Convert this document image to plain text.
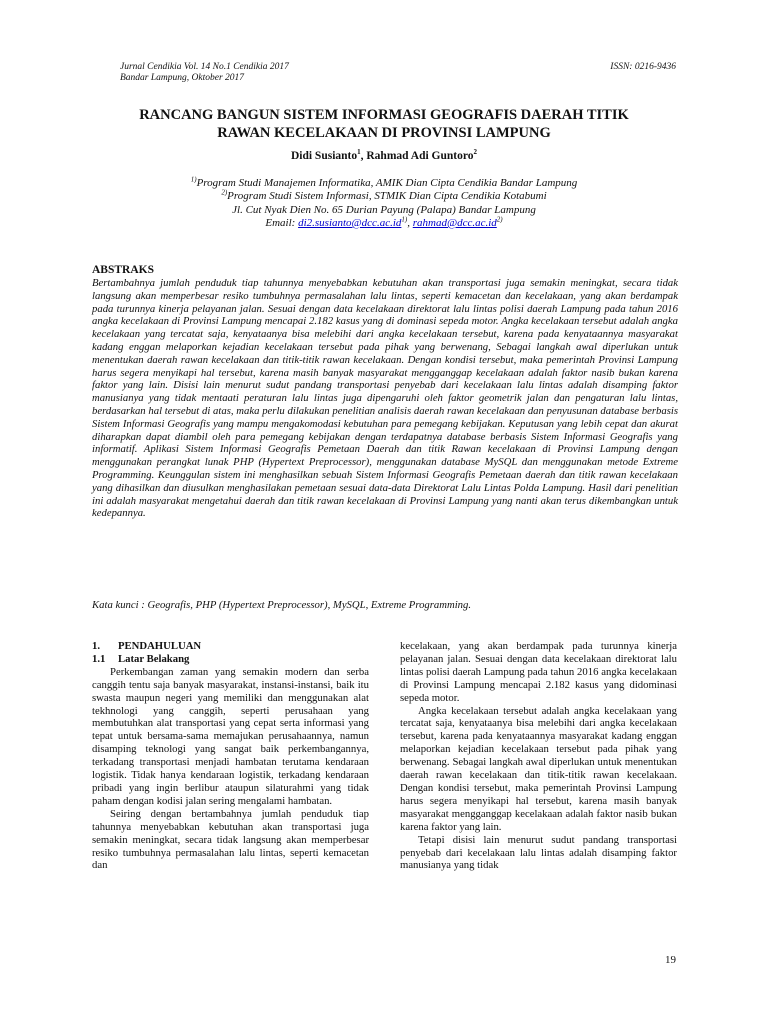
Jurnal Cendikia Vol. 14 No.1 Cendikia 2017
Bandar Lampung, Oktober 2017
ISSN: 0216-9436
RANCANG BANGUN SISTEM INFORMASI GEOGRAFIS DAERAH TITIK
RAWAN KECELAKAAN DI PROVINSI LAMPUNG
Didi Susianto$^1$, Rahmad Adi Guntoro$^2$
$^{1)}$Program Studi Manajemen Informatika, AMIK Dian Cipta Cendikia Bandar Lampung
$^{2)}$Program Studi Sistem Informasi, STMIK Dian Cipta Cendikia Kotabumi
Jl. Cut Nyak Dien No. 65 Durian Payung (Palapa) Bandar Lampung
Email: $di2.susianto@dcc.ac.id^{1)}$, $rahmad@dcc.ac.id^{2)}$
ABSTRAKS
Bertambahnya jumlah penduduk tiap tahunnya menyebabkan kebutuhan akan transportasi juga semakin meningkat, secara tidak langsung akan memperbesar resiko tumbuhnya permasalahan lalu lintas, seperti kemacetan dan kecelakaan, yang akan berdampak pada turunnya kinerja pelayanan jalan. Sesuai dengan data kecelakaan direktorat lalu lintas polisi daerah Lampung pada tahun 2016 angka kecelakaan di Provinsi Lampung mencapai 2.182 kasus yang di dominasi sepeda motor. Angka kecelakaan tersebut adalah angka kecelakaan yang tercatat saja, kenyataanya bisa melebihi dari angka kecelakaan tersebut, karena pada kenyataannya masyarakat kadang enggan melaporkan kejadian kecelakaan tersebut pada pihak yang berwenang, Sebagai langkah awal diperlukan untuk menentukan daerah rawan kecelakaan dan titik-titik rawan kecelakaan. Dengan kondisi tersebut, maka pemerintah Provinsi Lampung harus segera menyikapi hal tersebut, karena masih banyak masyarakat mengganggap kecelakaan adalah faktor nasib bukan karena faktor yang lain. Disisi lain menurut sudut pandang transportasi penyebab dari kecelakaan lalu lintas adalah disamping faktor manusianya yang tidak mentaati peraturan lalu lintas juga dipengaruhi oleh faktor geometrik jalan dan pengaturan lalu lintas, berdasarkan hal tersebut di atas, maka perlu dilakukan penelitian analisis daerah rawan kecelakaan dan penyusunan database berbasis Sistem Informasi Geografis yang mampu mengakomodasi kebutuhan para pemegang kebijakan. Keputusan yang lebih cepat dan akurat diharapkan dapat diambil oleh para pemegang kebijakan dengan terdapatnya database berbasis Sistem Informasi Geografis yang informatif. Aplikasi Sistem Informasi Geografis Pemetaan Daerah dan titik Rawan kecelakaan di Provinsi Lampung dengan menggunakan perangkat lunak PHP (Hypertext Preprocessor), menggunakan database MySQL dan menggunakan metode Extreme Programming. Keunggulan sistem ini menghasilkan sebuah Sistem Informasi Geografis Pemetaan daerah dan titik rawan kecelakaan yang dihasilkan dan diusulkan menghasilakan pemetaan sesuai data-data Direktorat Lalu Lintas Polda Lampung. Hasil dari penelitian ini adalah masyarakat mengetahui daerah dan titik rawan kecelakaan di Provinsi Lampung yang nanti akan terus dikembangkan untuk kedepannya.
Kata kunci : Geografis, PHP (Hypertext Preprocessor), MySQL, Extreme Programming.

1. PENDAHULUAN

1.1 Latar Belakang

Perkembangan zaman yang semakin modern dan serba canggih tentu saja banyak masyarakat, instansi-instansi, baik itu swasta maupun negeri yang memiliki dan menggunakan alat tekhnologi yang canggih, seperti perusahaan yang membutuhkan alat transportasi yang cepat serta informasi yang tepat untuk bersama-sama memajukan perusahaannya, namun disamping teknologi yang sangat baik perkembangannya, terkadang transportasi menjadi hambatan terutama kendaraan logistik. Tidak hanya kendaraan logistik, terkadang kendaraan pribadi yang ingin berlibur ataupun silaturahmi yang tidak paham dengan kodisi jalan sering mengalami hambatan.

Seiring dengan bertambahnya jumlah penduduk tiap tahunnya menyebabkan kebutuhan akan transportasi juga semakin meningkat, secara tidak langsung akan memperbesar resiko tumbuhnya permasalahan lalu lintas, seperti kemacetan dan

kecelakaan, yang akan berdampak pada turunnya kinerja pelayanan jalan. Sesuai dengan data kecelakaan direktorat lalu lintas polisi daerah Lampung pada tahun 2016 angka kecelakaan di Provinsi Lampung mencapai 2.182 kasus yang didominasi sepeda motor.

Angka kecelakaan tersebut adalah angka kecelakaan yang tercatat saja, kenyataanya bisa melebihi dari angka kecelakaan tersebut, karena pada kenyataannya masyarakat kadang enggan melaporkan kejadian kecelakaan tersebut pada pihak yang berwenang. Sebagai langkah awal diperlukan untuk menentukan daerah rawan kecelakaan dan titik-titik rawan kecelakaan. Dengan kondisi tersebut, maka pemerintah Provinsi Lampung harus segera menyikapi hal tersebut, karena masih banyak masyarakat mengganggap kecelakaan adalah faktor nasib bukan karena faktor yang lain.

Tetapi disisi lain menurut sudut pandang transportasi penyebab dari kecelakaan lalu lintas adalah disamping faktor manusianya yang tidak

19
